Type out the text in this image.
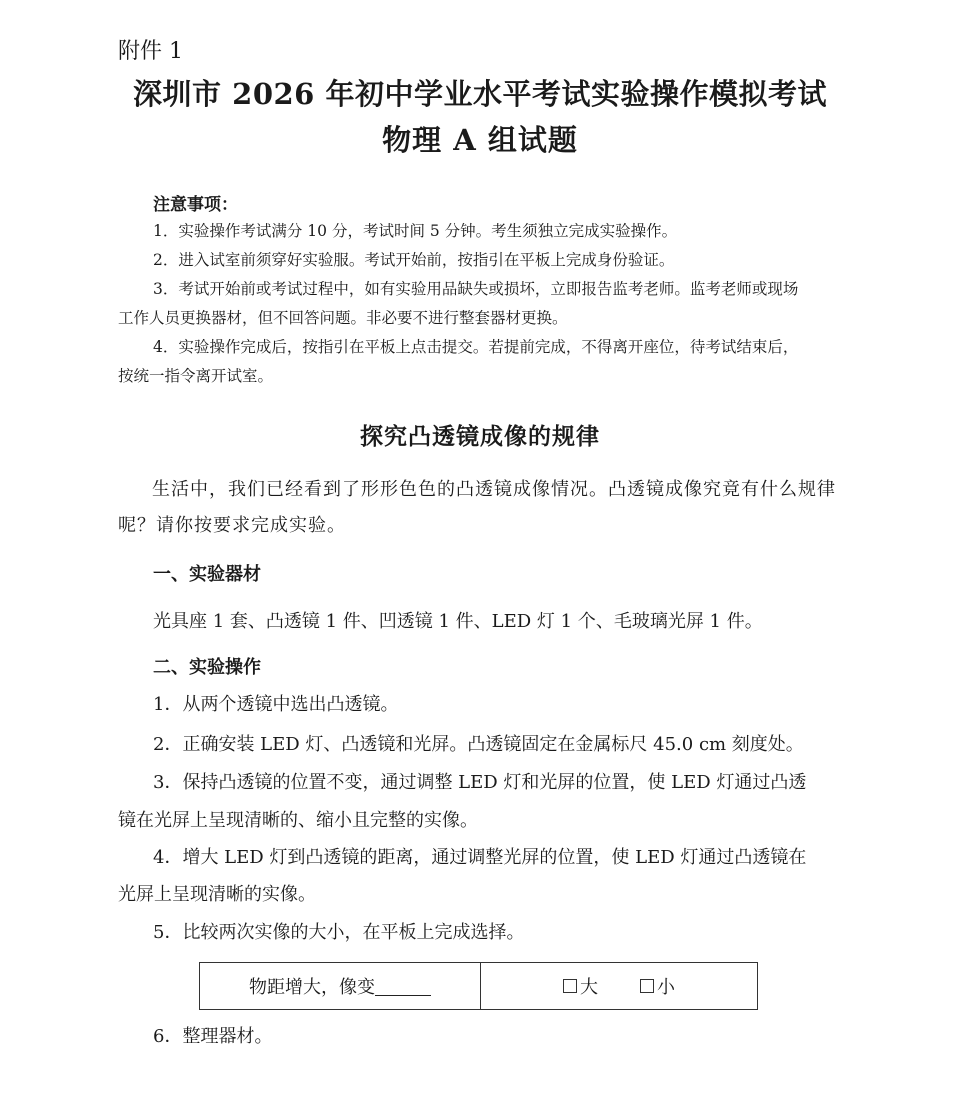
附件 1
深圳市 2026 年初中学业水平考试实验操作模拟考试
物理 A 组试题
注意事项：
1．实验操作考试满分 10 分，考试时间 5 分钟。考生须独立完成实验操作。
2．进入试室前须穿好实验服。考试开始前，按指引在平板上完成身份验证。
3．考试开始前或考试过程中，如有实验用品缺失或损坏，立即报告监考老师。监考老师或现场
工作人员更换器材，但不回答问题。非必要不进行整套器材更换。
4．实验操作完成后，按指引在平板上点击提交。若提前完成，不得离开座位，待考试结束后，
按统一指令离开试室。
探究凸透镜成像的规律
生活中，我们已经看到了形形色色的凸透镜成像情况。凸透镜成像究竟有什么规律
呢？请你按要求完成实验。
一、实验器材
光具座 1 套、凸透镜 1 件、凹透镜 1 件、LED 灯 1 个、毛玻璃光屏 1 件。
二、实验操作
1．从两个透镜中选出凸透镜。
2．正确安装 LED 灯、凸透镜和光屏。凸透镜固定在金属标尺 45.0 cm 刻度处。
3．保持凸透镜的位置不变，通过调整 LED 灯和光屏的位置，使 LED 灯通过凸透
镜在光屏上呈现清晰的、缩小且完整的实像。
4．增大 LED 灯到凸透镜的距离，通过调整光屏的位置，使 LED 灯通过凸透镜在
光屏上呈现清晰的实像。
5．比较两次实像的大小，在平板上完成选择。
物距增大，像变	大	小
6．整理器材。
